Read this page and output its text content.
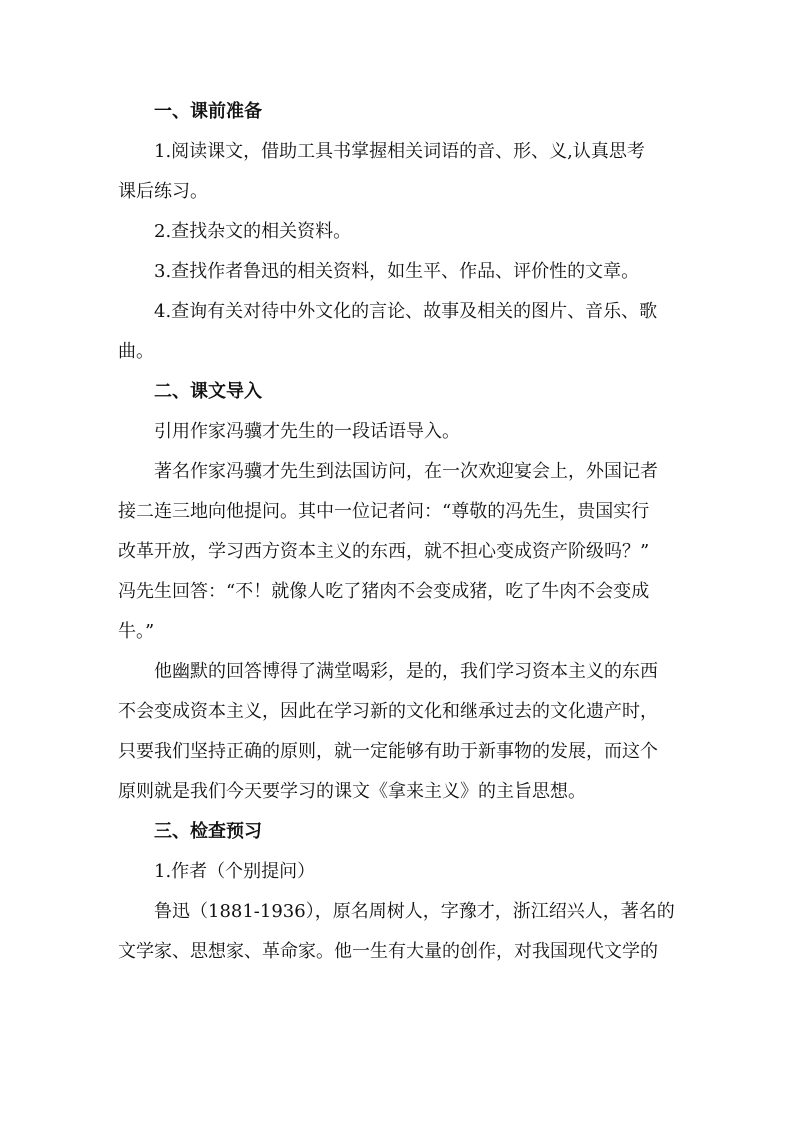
一、课前准备

1.阅读课文，借助工具书掌握相关词语的音、形、义,认真思考

课后练习。

2.查找杂文的相关资料。

3.查找作者鲁迅的相关资料，如生平、作品、评价性的文章。

4.查询有关对待中外文化的言论、故事及相关的图片、音乐、歌

曲。

二、课文导入

引用作家冯骥才先生的一段话语导入。

著名作家冯骥才先生到法国访问，在一次欢迎宴会上，外国记者

接二连三地向他提问。其中一位记者问：“尊敬的冯先生，贵国实行

改革开放，学习西方资本主义的东西，就不担心变成资产阶级吗？”

冯先生回答：“不！就像人吃了猪肉不会变成猪，吃了牛肉不会变成

牛。”

他幽默的回答博得了满堂喝彩，是的，我们学习资本主义的东西

不会变成资本主义，因此在学习新的文化和继承过去的文化遗产时，

只要我们坚持正确的原则，就一定能够有助于新事物的发展，而这个

原则就是我们今天要学习的课文《拿来主义》的主旨思想。

三、检查预习

1.作者（个别提问）

鲁迅（1881-1936），原名周树人，字豫才，浙江绍兴人，著名的

文学家、思想家、革命家。他一生有大量的创作，对我国现代文学的
